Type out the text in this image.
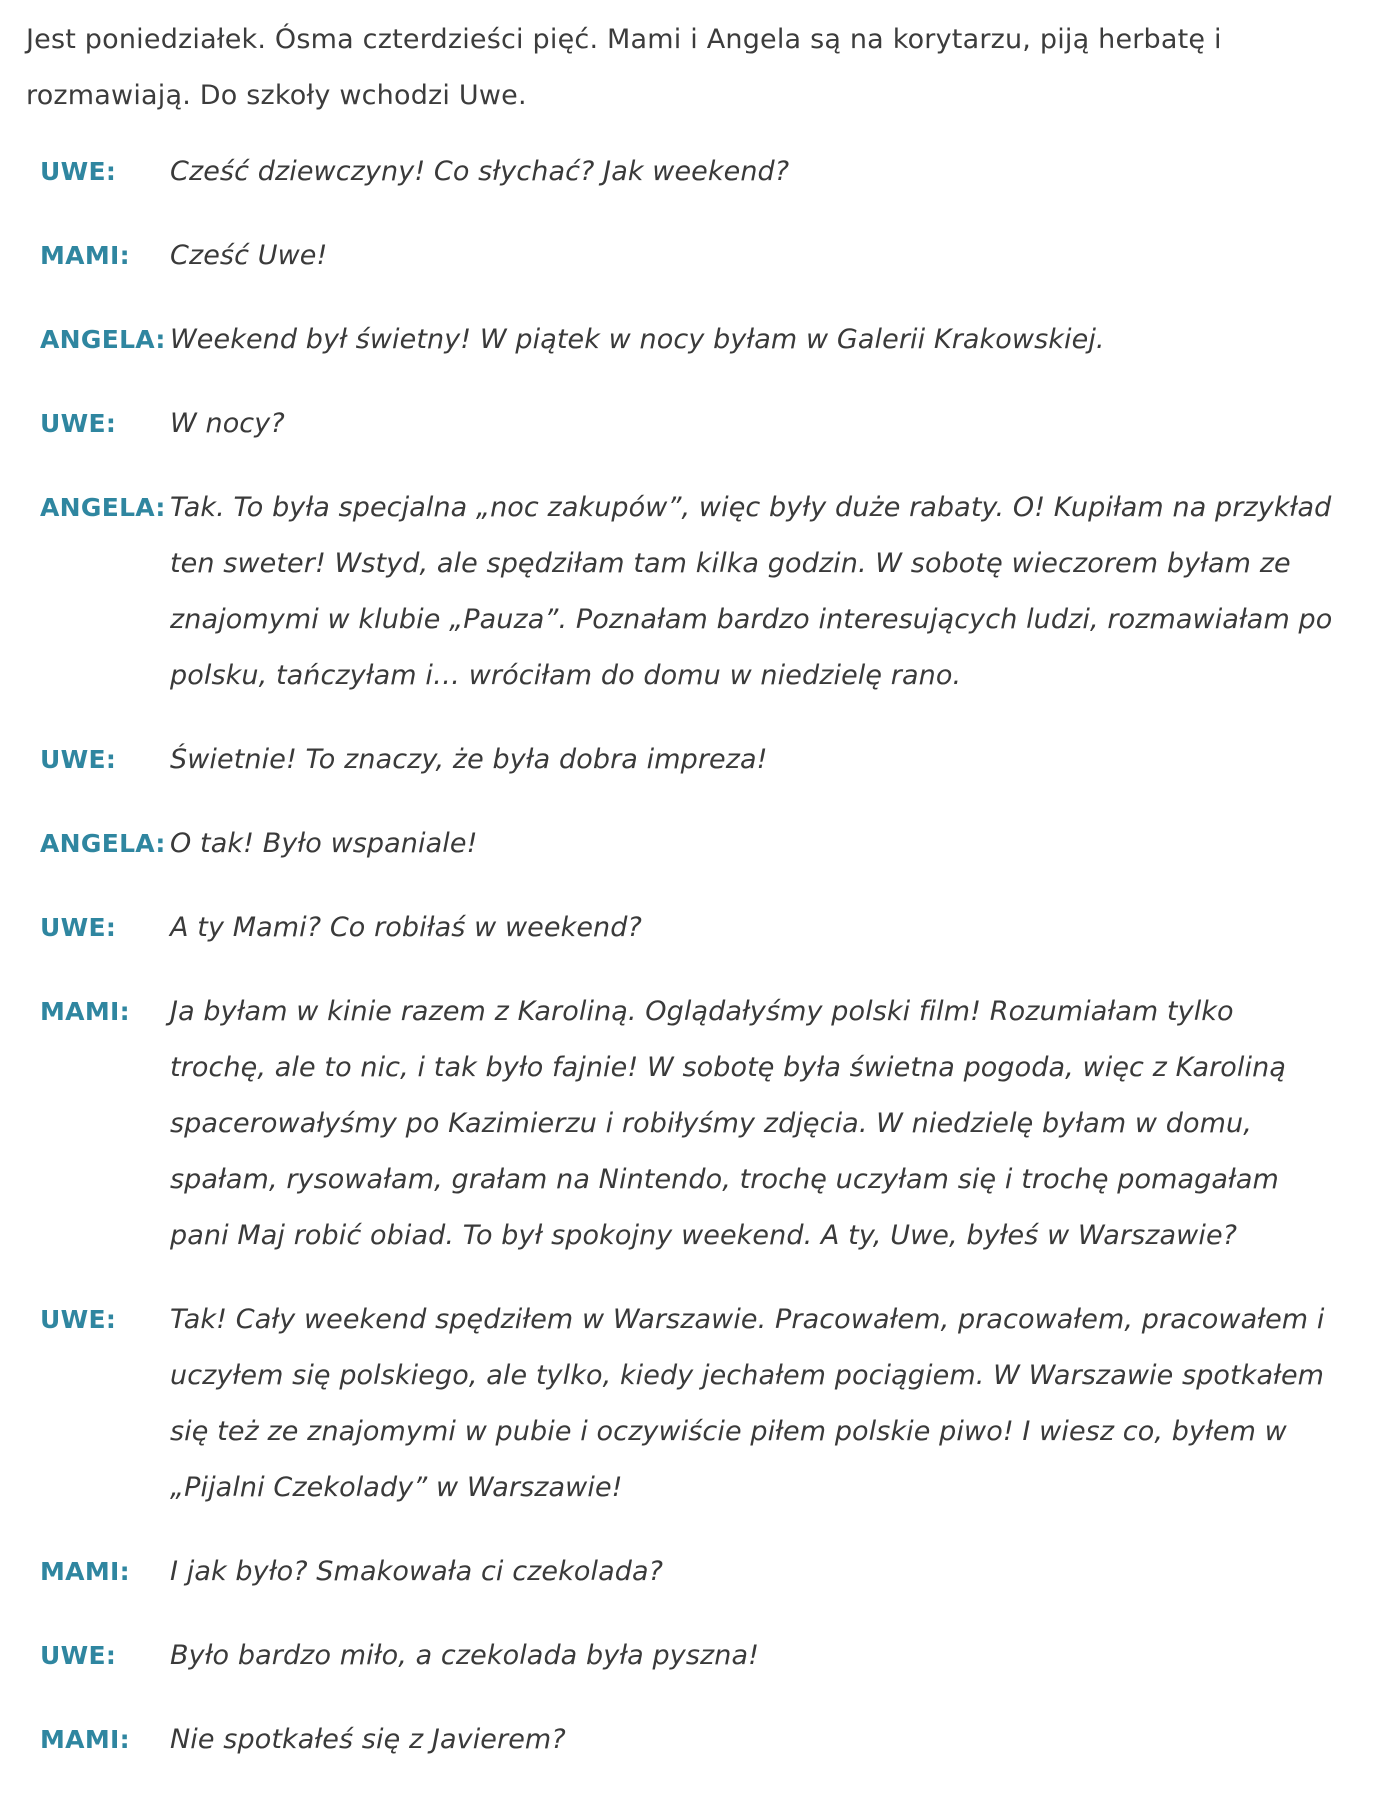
Jest poniedziałek. Ósma czterdzieści pięć. Mami i Angela są na korytarzu, piją herbatę i rozmawiają. Do szkoły wchodzi Uwe.

UWE:	Cześć dziewczyny! Co słychać? Jak weekend?
MAMI:	Cześć Uwe!
ANGELA: Weekend był świetny! W piątek w nocy byłam w Galerii Krakowskiej.
UWE:	W nocy?
ANGELA: Tak. To była specjalna „noc zakupów”, więc były duże rabaty. O! Kupiłam na przykład ten sweter! Wstyd, ale spędziłam tam kilka godzin. W sobotę wieczorem byłam ze znajomymi w klubie „Pauza”. Poznałam bardzo interesujących ludzi, rozmawiałam po polsku, tańczyłam i… wróciłam do domu w niedzielę rano.
UWE:	Świetnie! To znaczy, że była dobra impreza!
ANGELA: O tak! Było wspaniale!
UWE:	A ty Mami? Co robiłaś w weekend?
MAMI:	Ja byłam w kinie razem z Karoliną. Oglądałyśmy polski film! Rozumiałam tylko trochę, ale to nic, i tak było fajnie! W sobotę była świetna pogoda, więc z Karoliną spacerowałyśmy po Kazimierzu i robiłyśmy zdjęcia. W niedzielę byłam w domu, spałam, rysowałam, grałam na Nintendo, trochę uczyłam się i trochę pomagałam pani Maj robić obiad. To był spokojny weekend. A ty, Uwe, byłeś w Warszawie?
UWE:	Tak! Cały weekend spędziłem w Warszawie. Pracowałem, pracowałem, pracowałem i uczyłem się polskiego, ale tylko, kiedy jechałem pociągiem. W Warszawie spotkałem się też ze znajomymi w pubie i oczywiście piłem polskie piwo! I wiesz co, byłem w „Pijalni Czekolady” w Warszawie!
MAMI:	I jak było? Smakowała ci czekolada?
UWE:	Było bardzo miło, a czekolada była pyszna!
MAMI:	Nie spotkałeś się z Javierem?
